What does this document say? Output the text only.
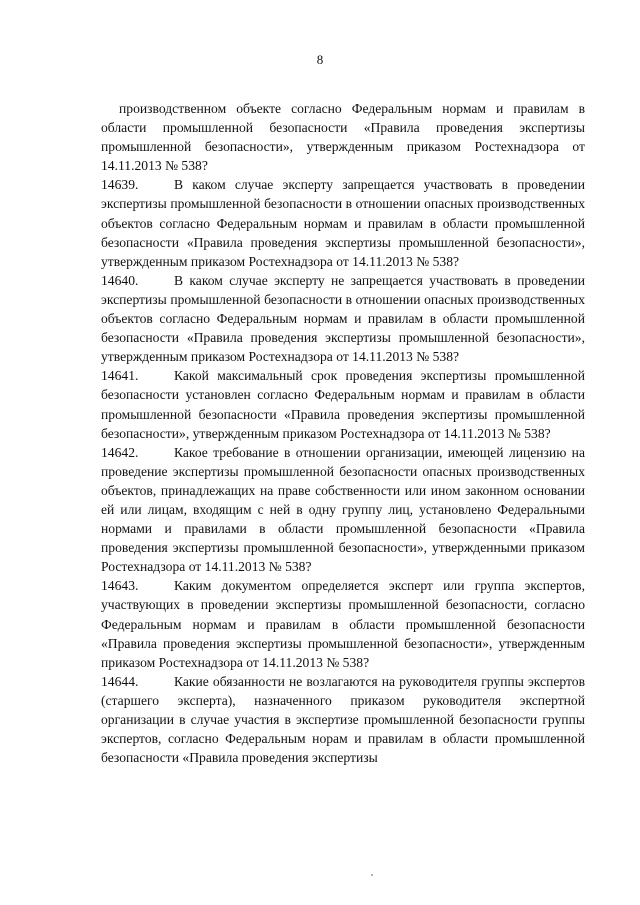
8

производственном объекте согласно Федеральным нормам и правилам в области промышленной безопасности «Правила проведения экспертизы промышленной безопасности», утвержденным приказом Ростехнадзора от 14.11.2013 № 538?

14639.	В каком случае эксперту запрещается участвовать в проведении экспертизы промышленной безопасности в отношении опасных производственных объектов согласно Федеральным нормам и правилам в области промышленной безопасности «Правила проведения экспертизы промышленной безопасности», утвержденным приказом Ростехнадзора от 14.11.2013 № 538?

14640.	В каком случае эксперту не запрещается участвовать в проведении экспертизы промышленной безопасности в отношении опасных производственных объектов согласно Федеральным нормам и правилам в области промышленной безопасности «Правила проведения экспертизы промышленной безопасности», утвержденным приказом Ростехнадзора от 14.11.2013 № 538?

14641.	Какой максимальный срок проведения экспертизы промышленной безопасности установлен согласно Федеральным нормам и правилам в области промышленной безопасности «Правила проведения экспертизы промышленной безопасности», утвержденным приказом Ростехнадзора от 14.11.2013 № 538?

14642.	Какое требование в отношении организации, имеющей лицензию на проведение экспертизы промышленной безопасности опасных производственных объектов, принадлежащих на праве собственности или ином законном основании ей или лицам, входящим с ней в одну группу лиц, установлено Федеральными нормами и правилами в области промышленной безопасности «Правила проведения экспертизы промышленной безопасности», утвержденными приказом Ростехнадзора от 14.11.2013 № 538?

14643.	Каким документом определяется эксперт или группа экспертов, участвующих в проведении экспертизы промышленной безопасности, согласно Федеральным нормам и правилам в области промышленной безопасности «Правила проведения экспертизы промышленной безопасности», утвержденным приказом Ростехнадзора от 14.11.2013 № 538?

14644.	Какие обязанности не возлагаются на руководителя группы экспертов (старшего эксперта), назначенного приказом руководителя экспертной организации в случае участия в экспертизе промышленной безопасности группы экспертов, согласно Федеральным норам и правилам в области промышленной безопасности «Правила проведения экспертизы
